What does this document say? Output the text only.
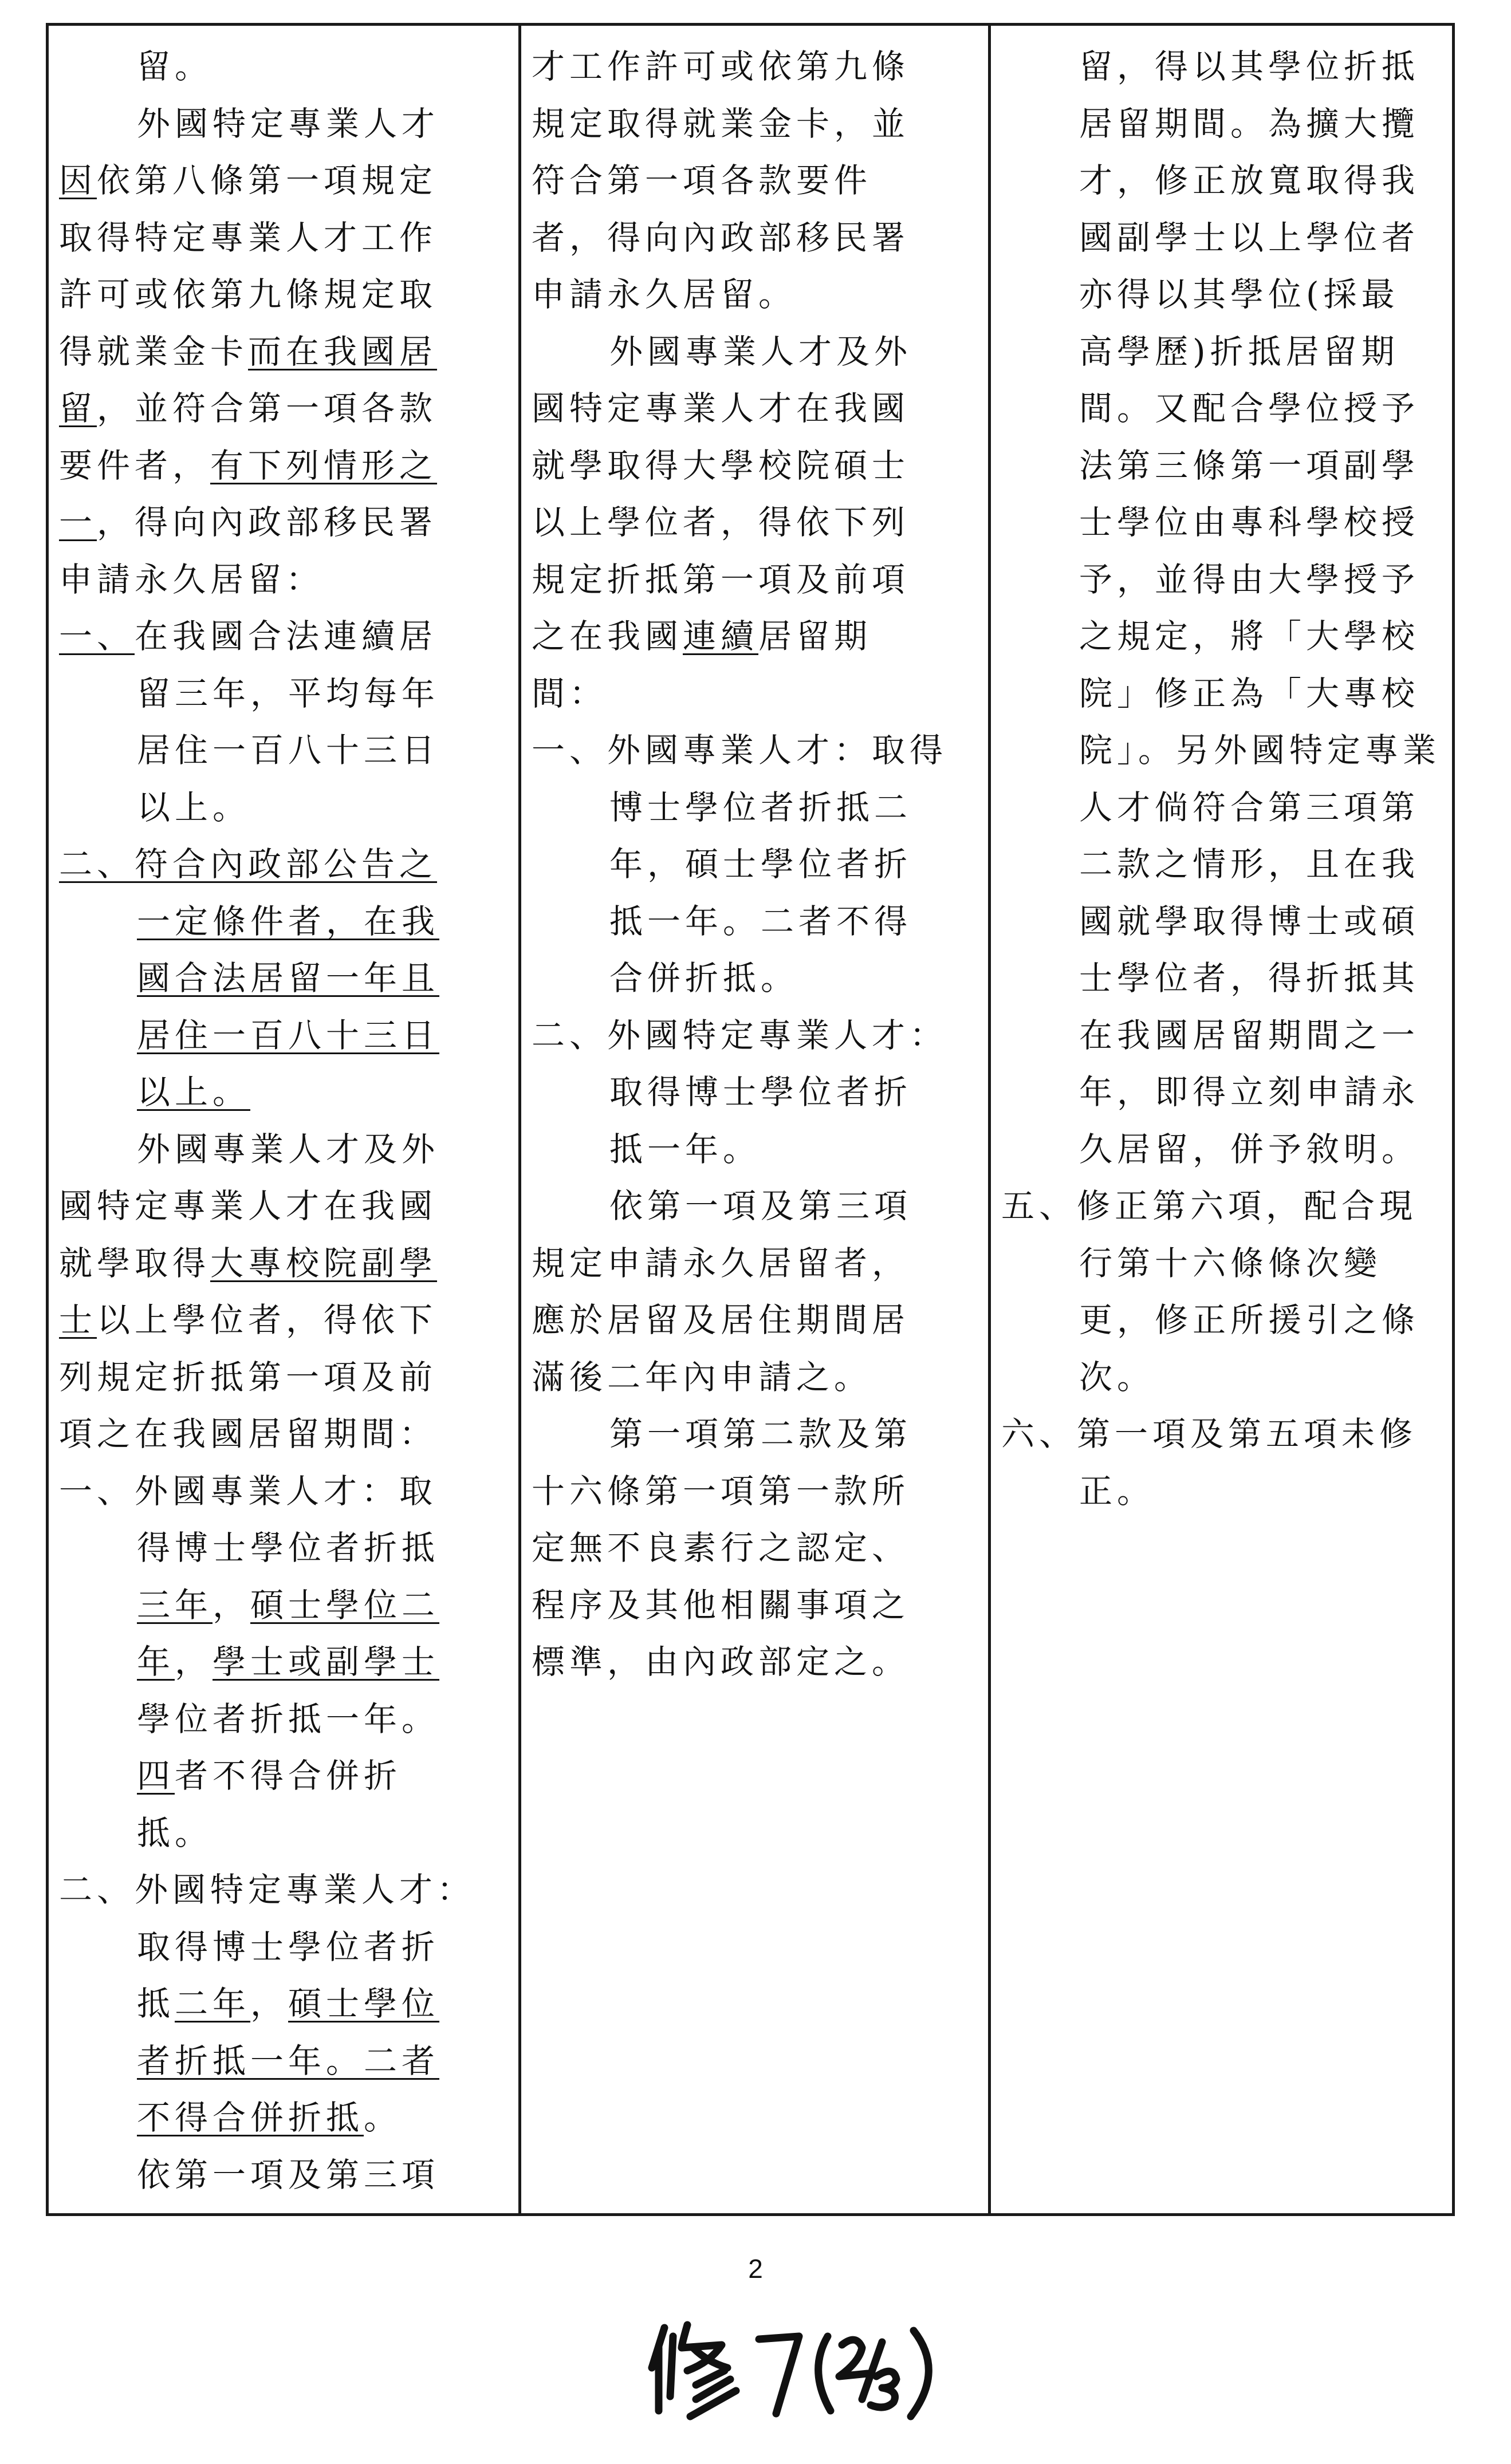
留。
外國特定專業人才
因依第八條第一項規定
取得特定專業人才工作
許可或依第九條規定取
得就業金卡而在我國居
留，並符合第一項各款
要件者，有下列情形之
一，得向內政部移民署
申請永久居留：
一、在我國合法連續居
留三年，平均每年
居住一百八十三日
以上。
二、符合內政部公告之
一定條件者，在我
國合法居留一年且
居住一百八十三日
以上。
外國專業人才及外
國特定專業人才在我國
就學取得大專校院副學
士以上學位者，得依下
列規定折抵第一項及前
項之在我國居留期間：
一、外國專業人才：取
得博士學位者折抵
三年，碩士學位二
年，學士或副學士
學位者折抵一年。
四者不得合併折
抵。
二、外國特定專業人才：
取得博士學位者折
抵二年，碩士學位
者折抵一年。二者
不得合併折抵。
依第一項及第三項
才工作許可或依第九條
規定取得就業金卡，並
符合第一項各款要件
者，得向內政部移民署
申請永久居留。
外國專業人才及外
國特定專業人才在我國
就學取得大學校院碩士
以上學位者，得依下列
規定折抵第一項及前項
之在我國連續居留期
間：
一、外國專業人才：取得
博士學位者折抵二
年，碩士學位者折
抵一年。二者不得
合併折抵。
二、外國特定專業人才：
取得博士學位者折
抵一年。
依第一項及第三項
規定申請永久居留者，
應於居留及居住期間居
滿後二年內申請之。
第一項第二款及第
十六條第一項第一款所
定無不良素行之認定、
程序及其他相關事項之
標準，由內政部定之。
留，得以其學位折抵
居留期間。為擴大攬
才，修正放寬取得我
國副學士以上學位者
亦得以其學位(採最
高學歷)折抵居留期
間。又配合學位授予
法第三條第一項副學
士學位由專科學校授
予，並得由大學授予
之規定，將「大學校
院」修正為「大專校
院」。另外國特定專業
人才倘符合第三項第
二款之情形，且在我
國就學取得博士或碩
士學位者，得折抵其
在我國居留期間之一
年，即得立刻申請永
久居留，併予敘明。
五、修正第六項，配合現
行第十六條條次變
更，修正所援引之條
次。
六、第一項及第五項未修
正。
2
